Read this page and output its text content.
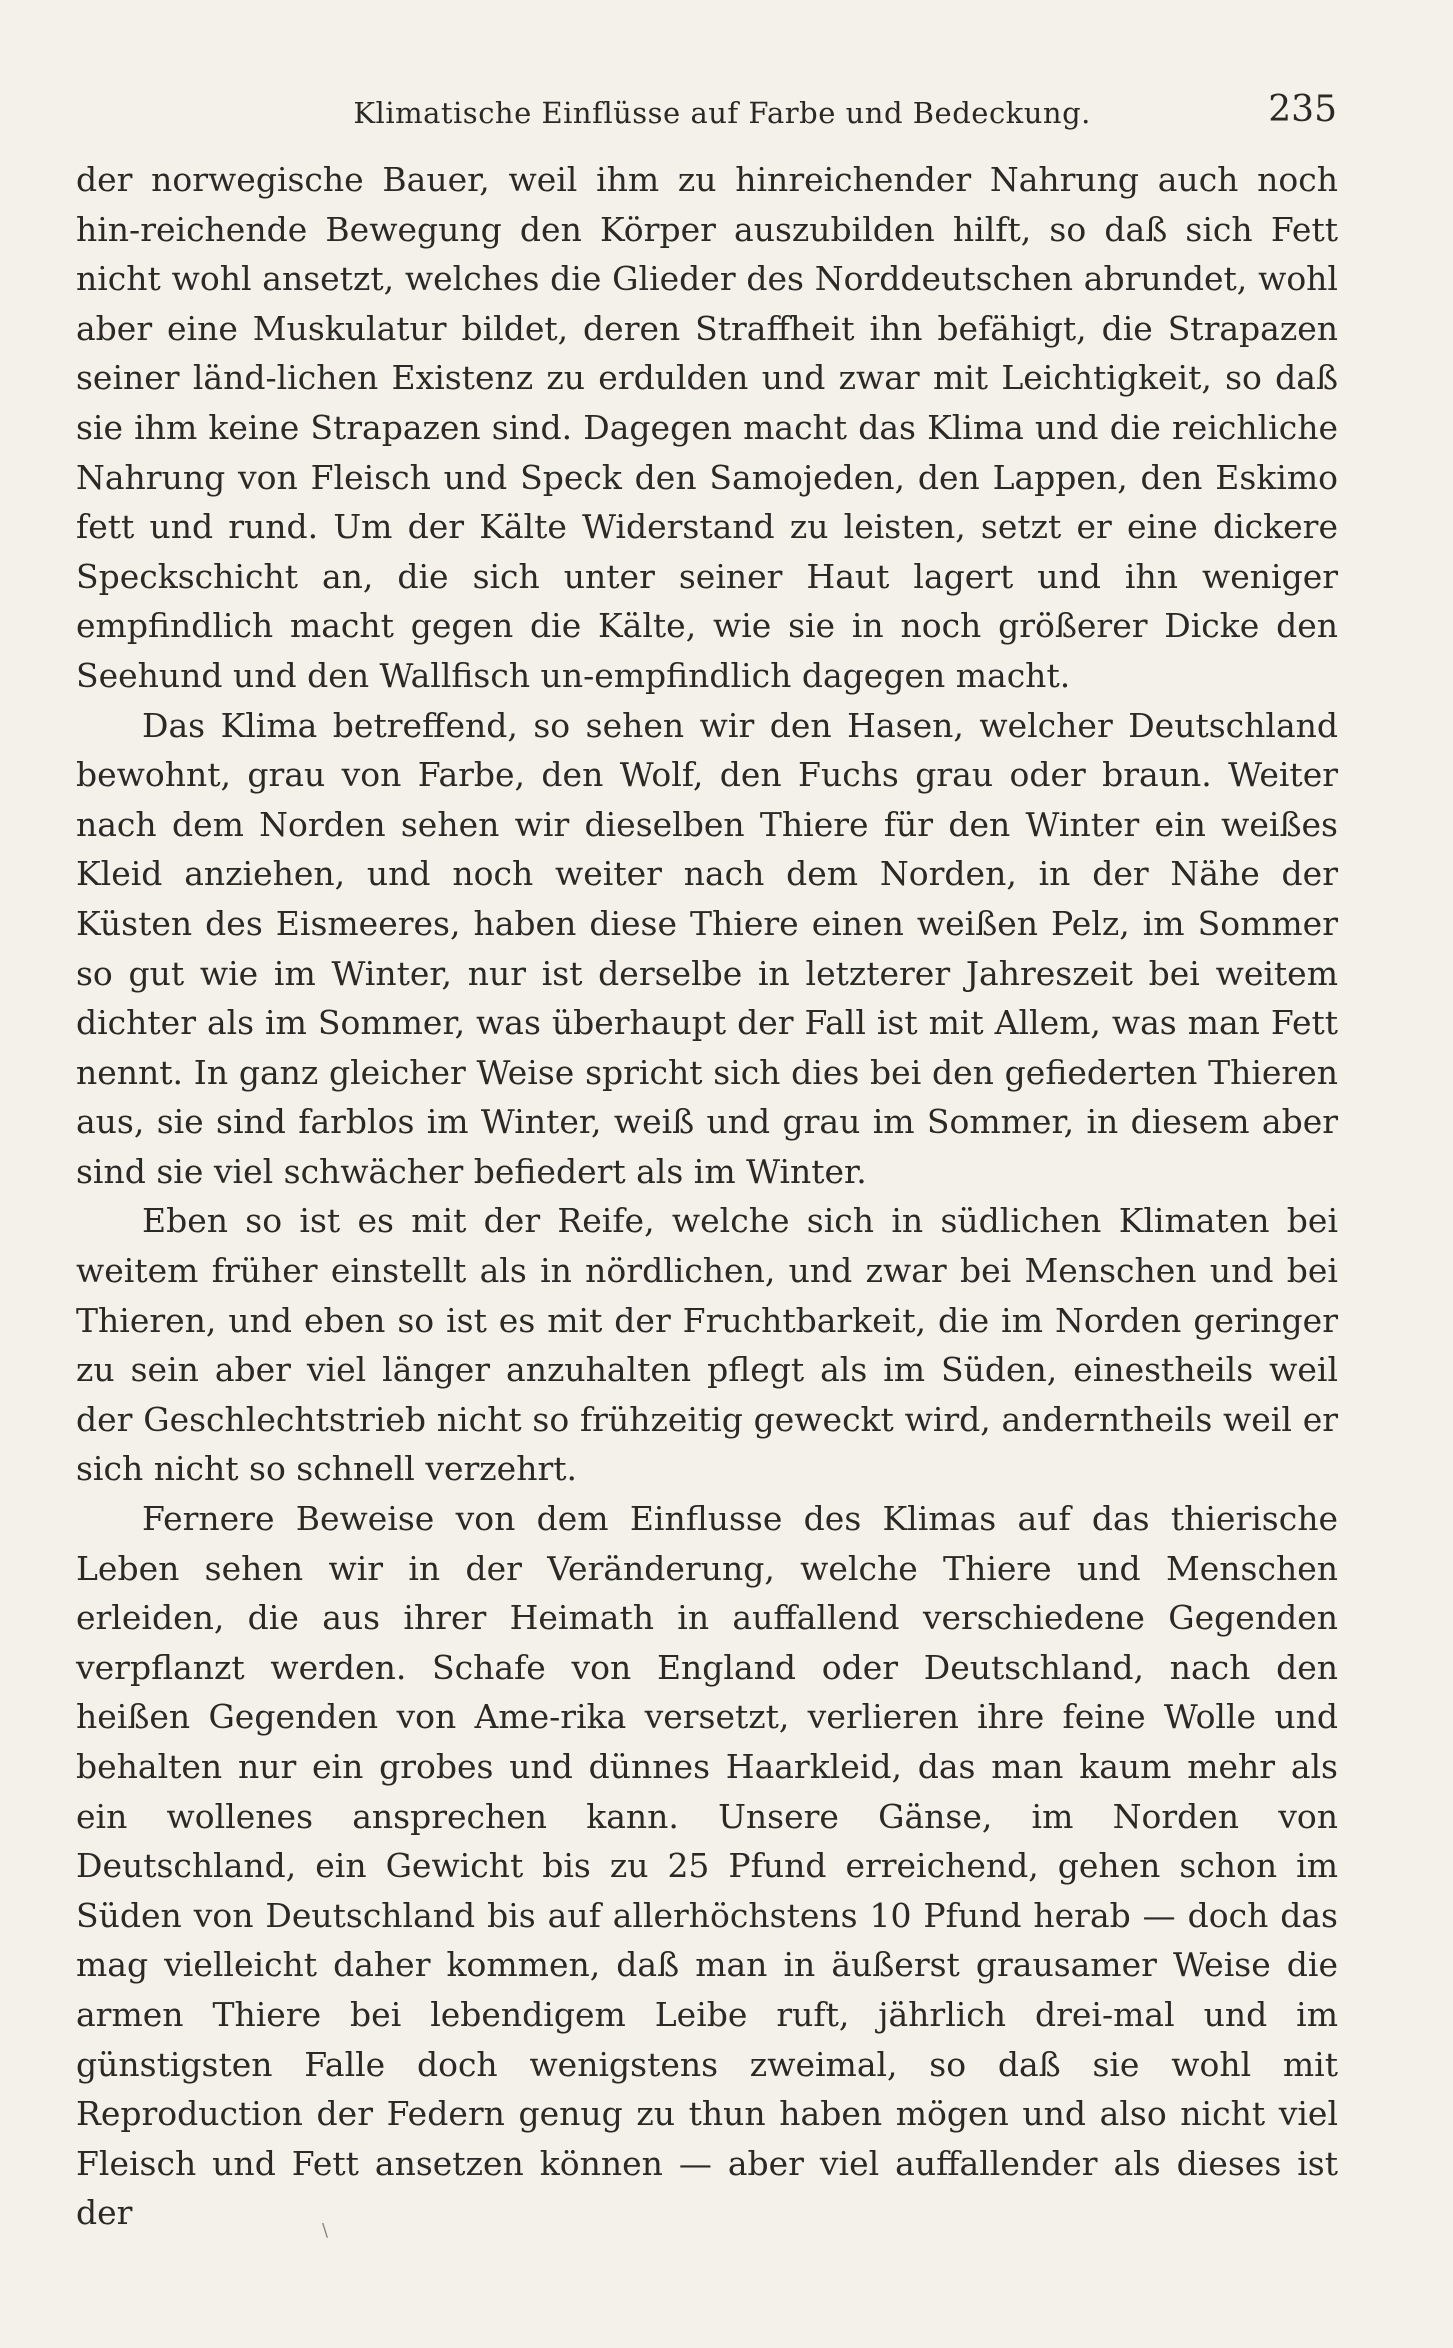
Klimatische Einflüsse auf Farbe und Bedeckung.	235

der norwegische Bauer, weil ihm zu hinreichender Nahrung auch noch hin-reichende Bewegung den Körper auszubilden hilft, so daß sich Fett nicht wohl ansetzt, welches die Glieder des Norddeutschen abrundet, wohl aber eine Muskulatur bildet, deren Straffheit ihn befähigt, die Strapazen seiner länd-lichen Existenz zu erdulden und zwar mit Leichtigkeit, so daß sie ihm keine Strapazen sind. Dagegen macht das Klima und die reichliche Nahrung von Fleisch und Speck den Samojeden, den Lappen, den Eskimo fett und rund. Um der Kälte Widerstand zu leisten, setzt er eine dickere Speckschicht an, die sich unter seiner Haut lagert und ihn weniger empfindlich macht gegen die Kälte, wie sie in noch größerer Dicke den Seehund und den Wallfisch un-empfindlich dagegen macht.

Das Klima betreffend, so sehen wir den Hasen, welcher Deutschland bewohnt, grau von Farbe, den Wolf, den Fuchs grau oder braun. Weiter nach dem Norden sehen wir dieselben Thiere für den Winter ein weißes Kleid anziehen, und noch weiter nach dem Norden, in der Nähe der Küsten des Eismeeres, haben diese Thiere einen weißen Pelz, im Sommer so gut wie im Winter, nur ist derselbe in letzterer Jahreszeit bei weitem dichter als im Sommer, was überhaupt der Fall ist mit Allem, was man Fett nennt. In ganz gleicher Weise spricht sich dies bei den gefiederten Thieren aus, sie sind farblos im Winter, weiß und grau im Sommer, in diesem aber sind sie viel schwächer befiedert als im Winter.

Eben so ist es mit der Reife, welche sich in südlichen Klimaten bei weitem früher einstellt als in nördlichen, und zwar bei Menschen und bei Thieren, und eben so ist es mit der Fruchtbarkeit, die im Norden geringer zu sein aber viel länger anzuhalten pflegt als im Süden, einestheils weil der Geschlechtstrieb nicht so frühzeitig geweckt wird, anderntheils weil er sich nicht so schnell verzehrt.

Fernere Beweise von dem Einflusse des Klimas auf das thierische Leben sehen wir in der Veränderung, welche Thiere und Menschen erleiden, die aus ihrer Heimath in auffallend verschiedene Gegenden verpflanzt werden. Schafe von England oder Deutschland, nach den heißen Gegenden von Ame-rika versetzt, verlieren ihre feine Wolle und behalten nur ein grobes und dünnes Haarkleid, das man kaum mehr als ein wollenes ansprechen kann. Unsere Gänse, im Norden von Deutschland, ein Gewicht bis zu 25 Pfund erreichend, gehen schon im Süden von Deutschland bis auf allerhöchstens 10 Pfund herab — doch das mag vielleicht daher kommen, daß man in äußerst grausamer Weise die armen Thiere bei lebendigem Leibe ruft, jährlich drei-mal und im günstigsten Falle doch wenigstens zweimal, so daß sie wohl mit Reproduction der Federn genug zu thun haben mögen und also nicht viel Fleisch und Fett ansetzen können — aber viel auffallender als dieses ist der	\
